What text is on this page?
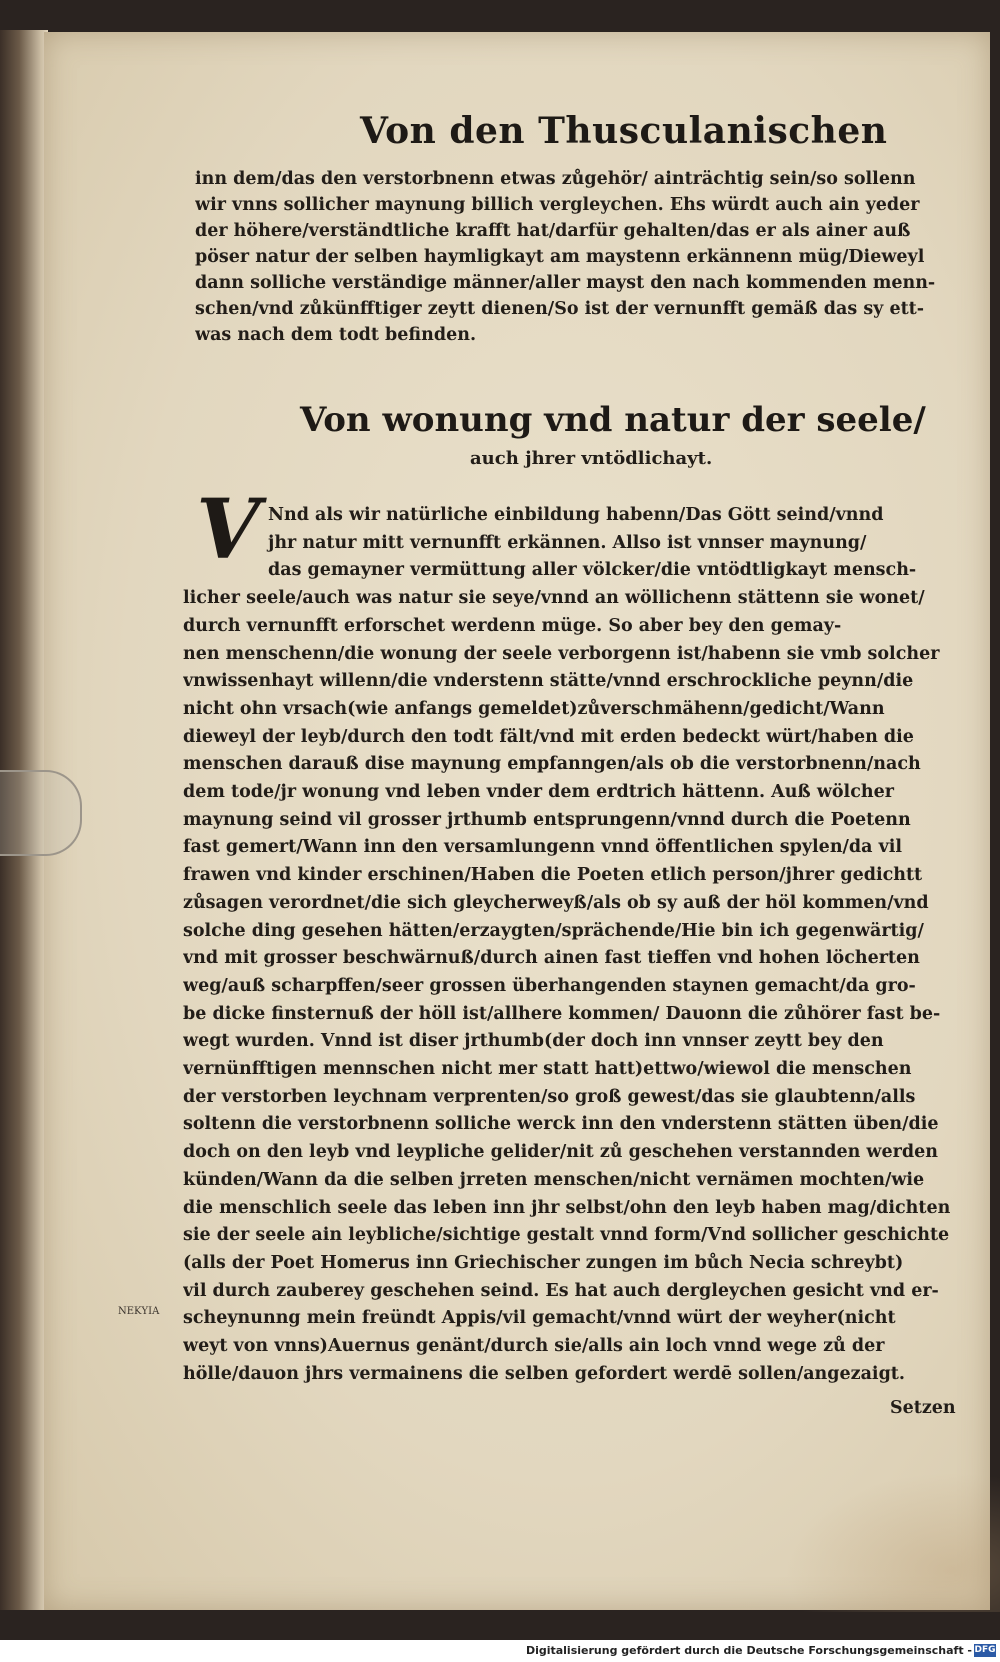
Von den Thusculanischen
inn dem/das den verstorbnenn etwas zůgehör/ ainträchtig sein/so sollenn
wir vnns sollicher maynung billich vergleychen. Ehs würdt auch ain yeder
der höhere/verständtliche krafft hat/darfür gehalten/das er als ainer auß
pöser natur der selben haymligkayt am maystenn erkännenn müg/Dieweyl
dann solliche verständige männer/aller mayst den nach kommenden menn-
schen/vnd zůkünfftiger zeytt dienen/So ist der vernunfft gemäß das sy ett-
was nach dem todt befinden.
Von wonung vnd natur der seele/
auch jhrer vntödlichayt.
V Nnd als wir natürliche einbildung habenn/Das Gött seind/vnnd
jhr natur mitt vernunfft erkännen. Allso ist vnnser maynung/
das gemayner vermüttung aller völcker/die vntödtligkayt mensch-
licher seele/auch was natur sie seye/vnnd an wöllichenn stättenn sie wonet/
durch vernunfft erforschet werdenn müge. So aber bey den gemay-
nen menschenn/die wonung der seele verborgenn ist/habenn sie vmb solcher
vnwissenhayt willenn/die vnderstenn stätte/vnnd erschrockliche peynn/die
nicht ohn vrsach(wie anfangs gemeldet)zůverschmähenn/gedicht/Wann
dieweyl der leyb/durch den todt fält/vnd mit erden bedeckt würt/haben die
menschen darauß dise maynung empfanngen/als ob die verstorbnenn/nach
dem tode/jr wonung vnd leben vnder dem erdtrich hättenn. Auß wölcher
maynung seind vil grosser jrthumb entsprungenn/vnnd durch die Poetenn
fast gemert/Wann inn den versamlungenn vnnd öffentlichen spylen/da vil
frawen vnd kinder erschinen/Haben die Poeten etlich person/jhrer gedichtt
zůsagen verordnet/die sich gleycherweyß/als ob sy auß der höl kommen/vnd
solche ding gesehen hätten/erzaygten/sprächende/Hie bin ich gegenwärtig/
vnd mit grosser beschwärnuß/durch ainen fast tieffen vnd hohen löcherten
weg/auß scharpffen/seer grossen überhangenden staynen gemacht/da gro-
be dicke finsternuß der höll ist/allhere kommen/ Dauonn die zůhörer fast be-
wegt wurden. Vnnd ist diser jrthumb(der doch inn vnnser zeytt bey den
vernünfftigen mennschen nicht mer statt hatt)ettwo/wiewol die menschen
der verstorben leychnam verprenten/so groß gewest/das sie glaubtenn/alls
soltenn die verstorbnenn solliche werck inn den vnderstenn stätten üben/die
doch on den leyb vnd leypliche gelider/nit zů geschehen verstannden werden
künden/Wann da die selben jrreten menschen/nicht vernämen mochten/wie
die menschlich seele das leben inn jhr selbst/ohn den leyb haben mag/dichten
sie der seele ain leybliche/sichtige gestalt vnnd form/Vnd sollicher geschichte
(alls der Poet Homerus inn Griechischer zungen im bůch Necia schreybt)
vil durch zauberey geschehen seind. Es hat auch dergleychen gesicht vnd er-
scheynunng mein freündt Appis/vil gemacht/vnnd würt der weyher(nicht
weyt von vnns)Auernus genänt/durch sie/alls ain loch vnnd wege zů der
hölle/dauon jhrs vermainens die selben gefordert werdē sollen/angezaigt.
ΝΕΚΥΙΑ
Setzen
Digitalisierung gefördert durch die Deutsche Forschungsgemeinschaft - DFG
